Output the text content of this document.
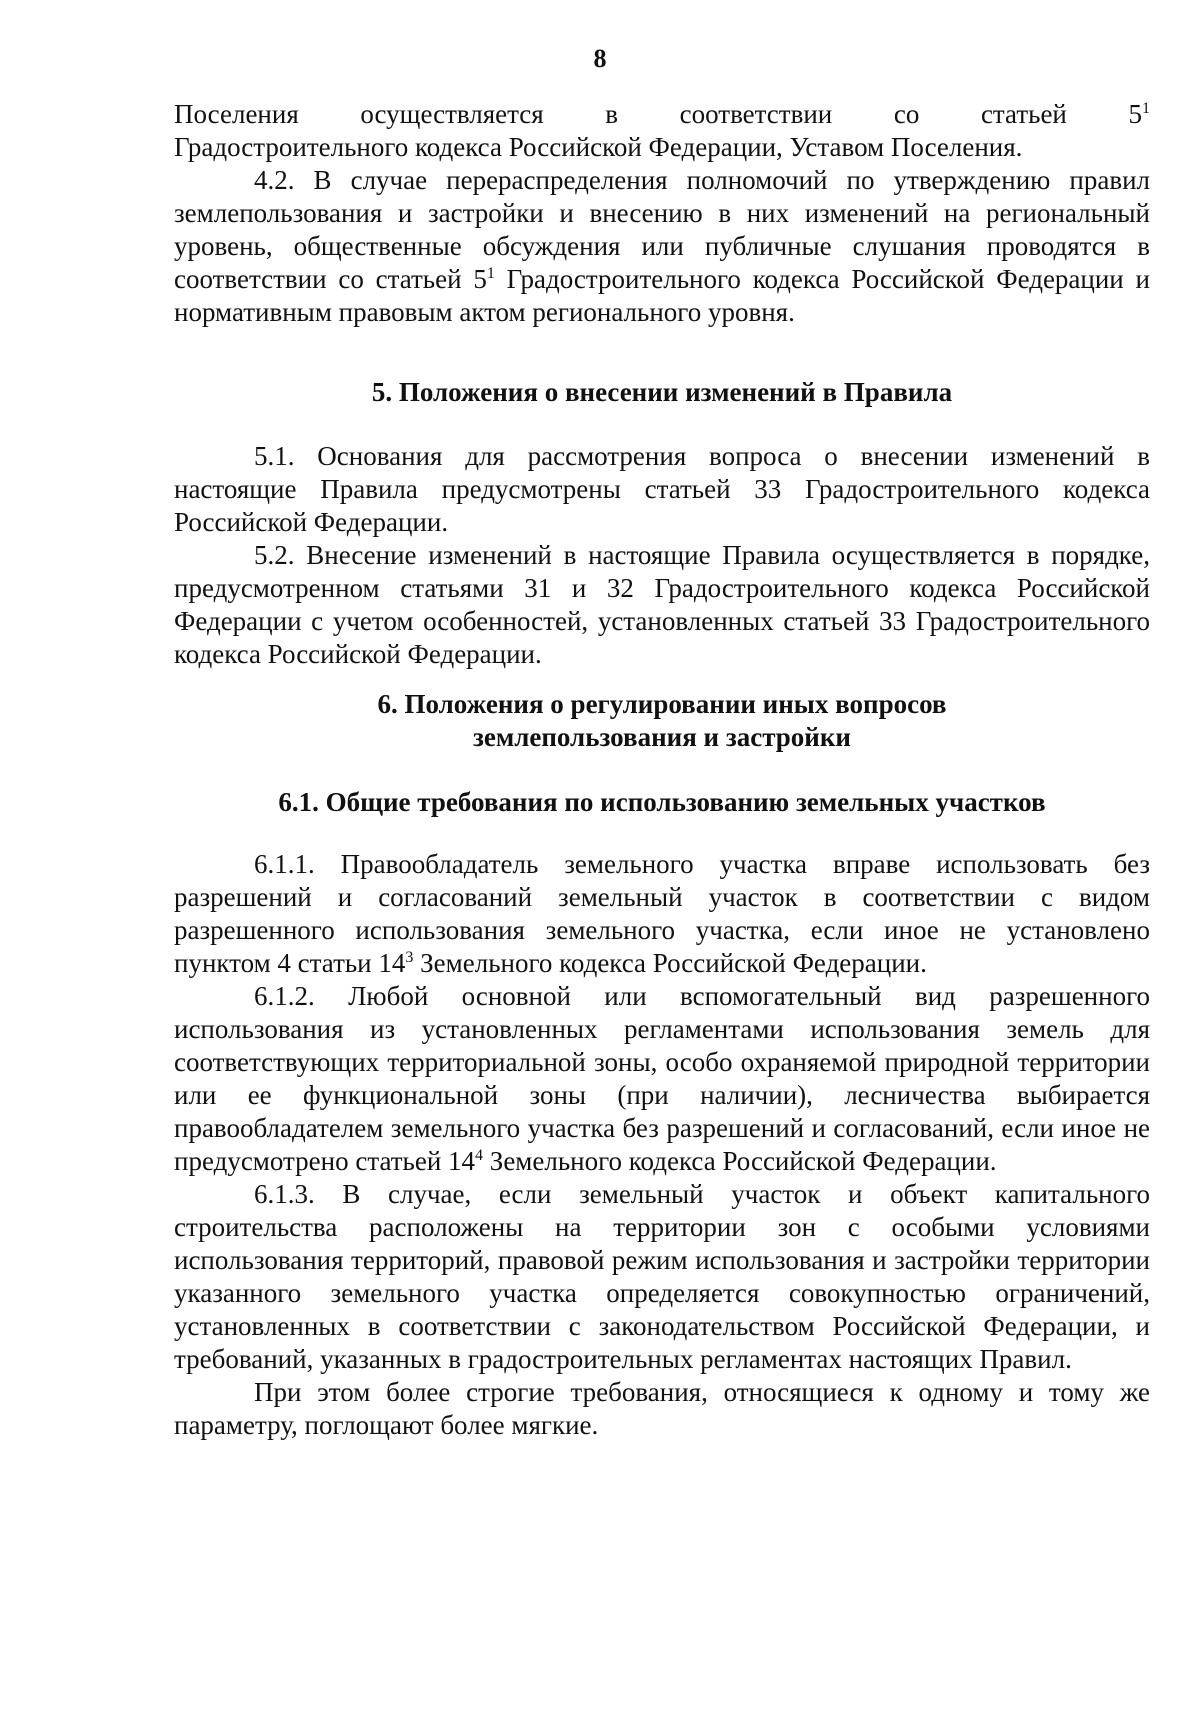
8

Поселения осуществляется в соответствии со статьей $5^1$

Градостроительного кодекса Российской Федерации, Уставом Поселения.

4.2. В случае перераспределения полномочий по утверждению правил землепользования и застройки и внесению в них изменений на региональный уровень, общественные обсуждения или публичные слушания проводятся в соответствии со статьей $5^1$ Градостроительного кодекса Российской Федерации и нормативным правовым актом регионального уровня.

5. Положения о внесении изменений в Правила

5.1. Основания для рассмотрения вопроса о внесении изменений в настоящие Правила предусмотрены статьей 33 Градостроительного кодекса Российской Федерации.

5.2. Внесение изменений в настоящие Правила осуществляется в порядке, предусмотренном статьями 31 и 32 Градостроительного кодекса Российской Федерации с учетом особенностей, установленных статьей 33 Градостроительного кодекса Российской Федерации.

6. Положения о регулировании иных вопросов
землепользования и застройки
6.1. Общие требования по использованию земельных участков

6.1.1. Правообладатель земельного участка вправе использовать без разрешений и согласований земельный участок в соответствии с видом разрешенного использования земельного участка, если иное не установлено пунктом 4 статьи $14^3$ Земельного кодекса Российской Федерации.

6.1.2. Любой основной или вспомогательный вид разрешенного использования из установленных регламентами использования земель для соответствующих территориальной зоны, особо охраняемой природной территории или ее функциональной зоны (при наличии), лесничества выбирается правообладателем земельного участка без разрешений и согласований, если иное не предусмотрено статьей $14^4$ Земельного кодекса Российской Федерации.

6.1.3. В случае, если земельный участок и объект капитального строительства расположены на территории зон с особыми условиями использования территорий, правовой режим использования и застройки территории указанного земельного участка определяется совокупностью ограничений, установленных в соответствии с законодательством Российской Федерации, и требований, указанных в градостроительных регламентах настоящих Правил.

При этом более строгие требования, относящиеся к одному и тому же параметру, поглощают более мягкие.
